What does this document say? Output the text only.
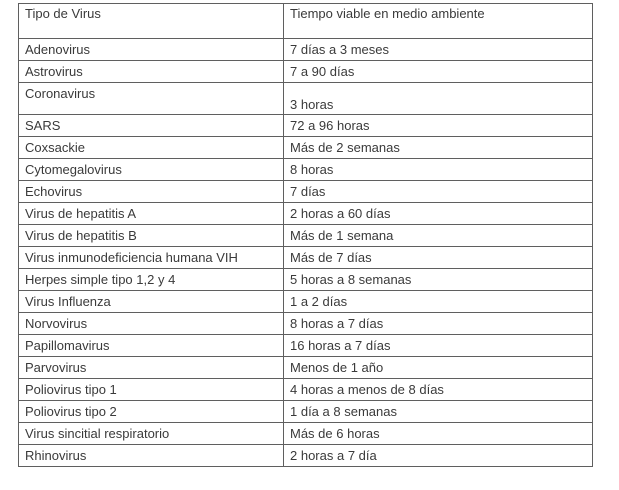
Tipo de Virus	Tiempo viable en medio ambiente
Adenovirus	7 días a 3 meses
Astrovirus	7 a 90 días
Coronavirus	3 horas
SARS	72 a 96 horas
Coxsackie	Más de 2 semanas
Cytomegalovirus	8 horas
Echovirus	7 días
Virus de hepatitis A	2 horas a 60 días
Virus de hepatitis B	Más de 1 semana
Virus inmunodeficiencia humana VIH	Más de 7 días
Herpes simple tipo 1,2 y 4	5 horas a 8 semanas
Virus Influenza	1 a 2 días
Norvovirus	8 horas a 7 días
Papillomavirus	16 horas a 7 días
Parvovirus	Menos de 1 año
Poliovirus tipo 1	4 horas a menos de 8 días
Poliovirus tipo 2	1 día a 8 semanas
Virus sincitial respiratorio	Más de 6 horas
Rhinovirus	2 horas a 7 día
